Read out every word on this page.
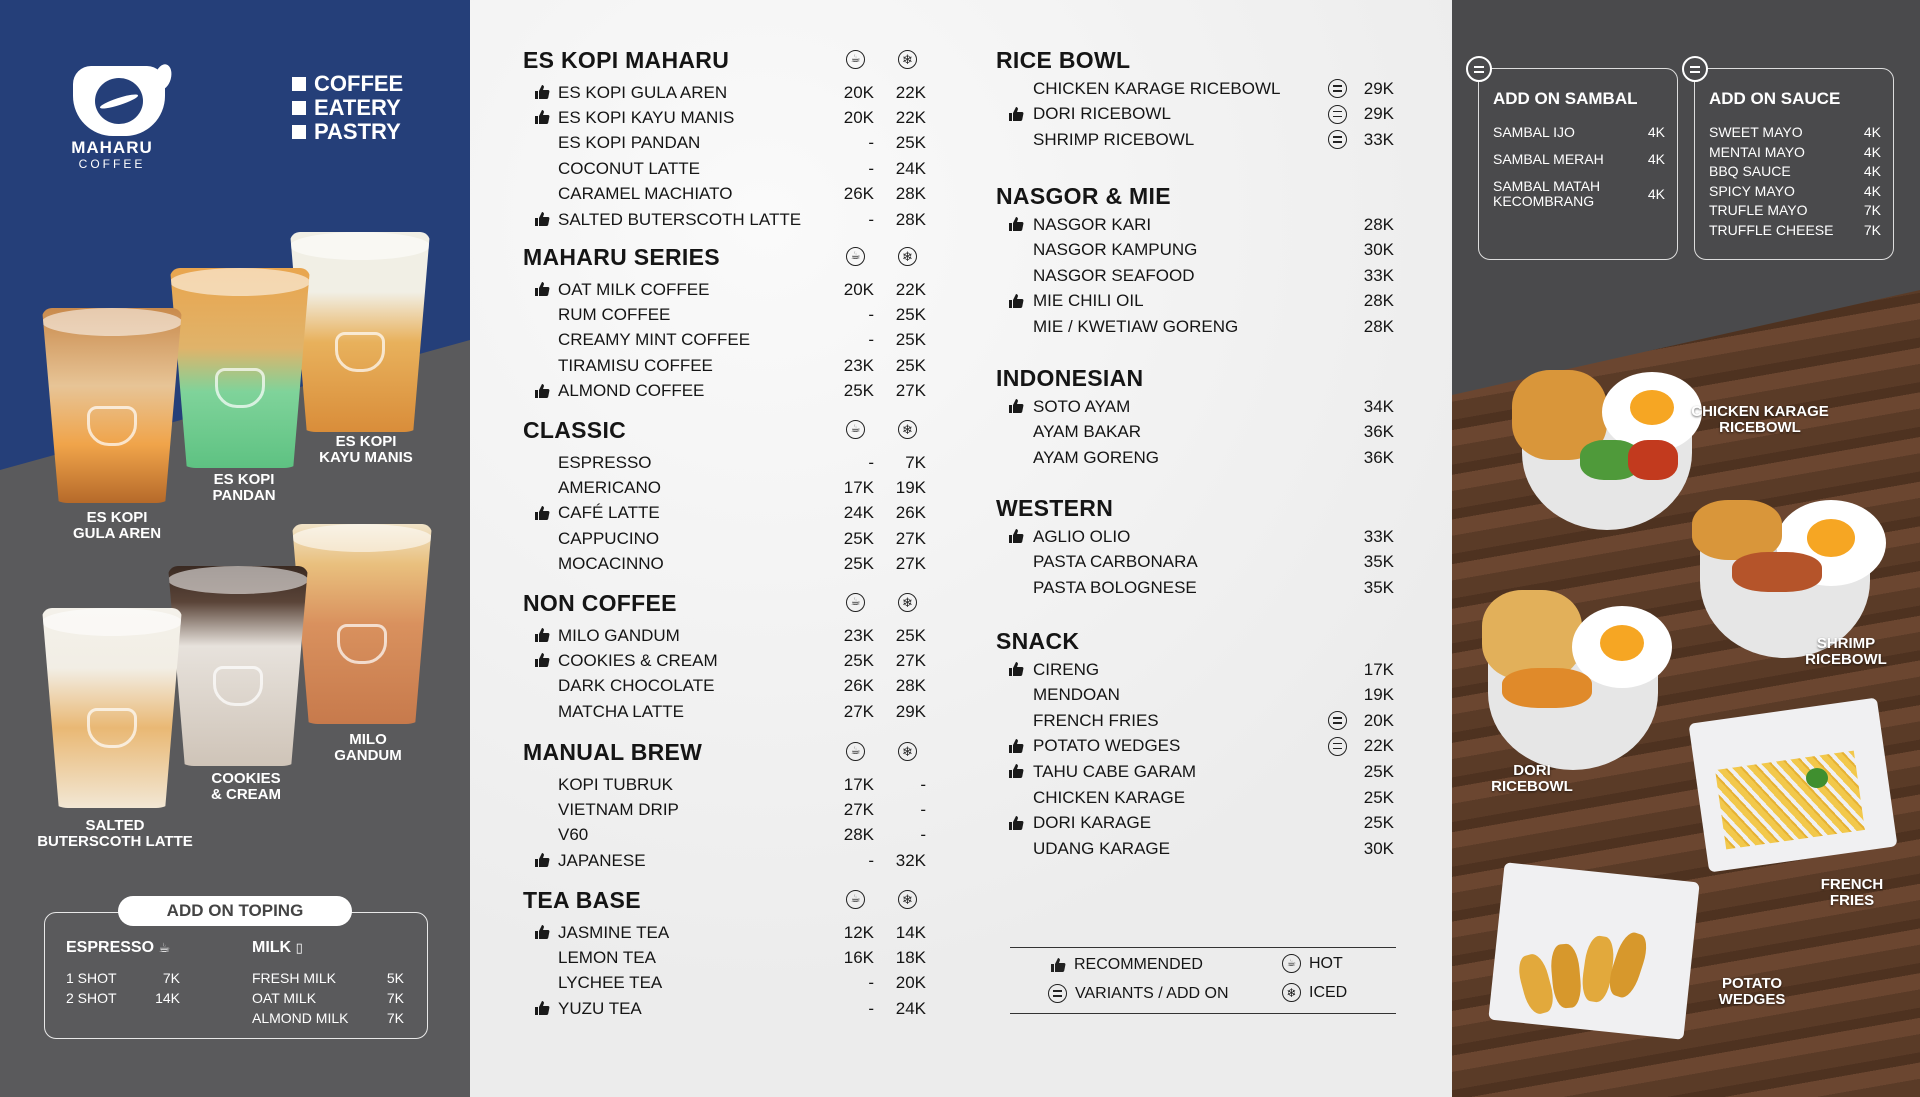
MAHARU
COFFEE
COFFEE
EATERY
PASTRY
ES KOPI
KAYU MANIS
ES KOPI
PANDAN
ES KOPI
GULA AREN
MILO
GANDUM
COOKIES
& CREAM
SALTED
BUTERSCOTH LATTE
ADD ON TOPING
ESPRESSO ☕
1 SHOT	7K
2 SHOT	14K
MILK ▯
FRESH MILK	5K
OAT MILK	7K
ALMOND MILK	7K
ES KOPI MAHARU	☕	❄
ES KOPI GULA AREN	20K	22K
ES KOPI KAYU MANIS	20K	22K
ES KOPI PANDAN	-	25K
COCONUT LATTE	-	24K
CARAMEL MACHIATO	26K	28K
SALTED BUTERSCOTH LATTE	-	28K
MAHARU SERIES	☕	❄
OAT MILK COFFEE	20K	22K
RUM COFFEE	-	25K
CREAMY MINT COFFEE	-	25K
TIRAMISU COFFEE	23K	25K
ALMOND COFFEE	25K	27K
CLASSIC	☕	❄
ESPRESSO	-	7K
AMERICANO	17K	19K
CAFÉ LATTE	24K	26K
CAPPUCINO	25K	27K
MOCACINNO	25K	27K
NON COFFEE	☕	❄
MILO GANDUM	23K	25K
COOKIES & CREAM	25K	27K
DARK CHOCOLATE	26K	28K
MATCHA LATTE	27K	29K
MANUAL BREW	☕	❄
KOPI TUBRUK	17K	-
VIETNAM DRIP	27K	-
V60	28K	-
JAPANESE	-	32K
TEA BASE	☕	❄
JASMINE TEA	12K	14K
LEMON TEA	16K	18K
LYCHEE TEA	-	20K
YUZU TEA	-	24K
RICE BOWL
CHICKEN KARAGE RICEBOWL	29K
DORI RICEBOWL	29K
SHRIMP RICEBOWL	33K
NASGOR & MIE
NASGOR KARI	28K
NASGOR KAMPUNG	30K
NASGOR SEAFOOD	33K
MIE CHILI OIL	28K
MIE / KWETIAW GORENG	28K
INDONESIAN
SOTO AYAM	34K
AYAM BAKAR	36K
AYAM GORENG	36K
WESTERN
AGLIO OLIO	33K
PASTA CARBONARA	35K
PASTA BOLOGNESE	35K
SNACK
CIRENG	17K
MENDOAN	19K
FRENCH FRIES	20K
POTATO WEDGES	22K
TAHU CABE GARAM	25K
CHICKEN KARAGE	25K
DORI KARAGE	25K
UDANG KARAGE	30K
RECOMMENDED
VARIANTS / ADD ON
☕ HOT
❄ ICED
ADD ON SAMBAL
SAMBAL IJO	4K
SAMBAL MERAH	4K
SAMBAL MATAH
KECOMBRANG	4K
ADD ON SAUCE
SWEET MAYO	4K
MENTAI MAYO	4K
BBQ SAUCE	4K
SPICY MAYO	4K
TRUFLE MAYO	7K
TRUFFLE CHEESE 7K
CHICKEN KARAGE
RICEBOWL
SHRIMP
RICEBOWL
DORI
RICEBOWL
FRENCH
FRIES
POTATO
WEDGES
